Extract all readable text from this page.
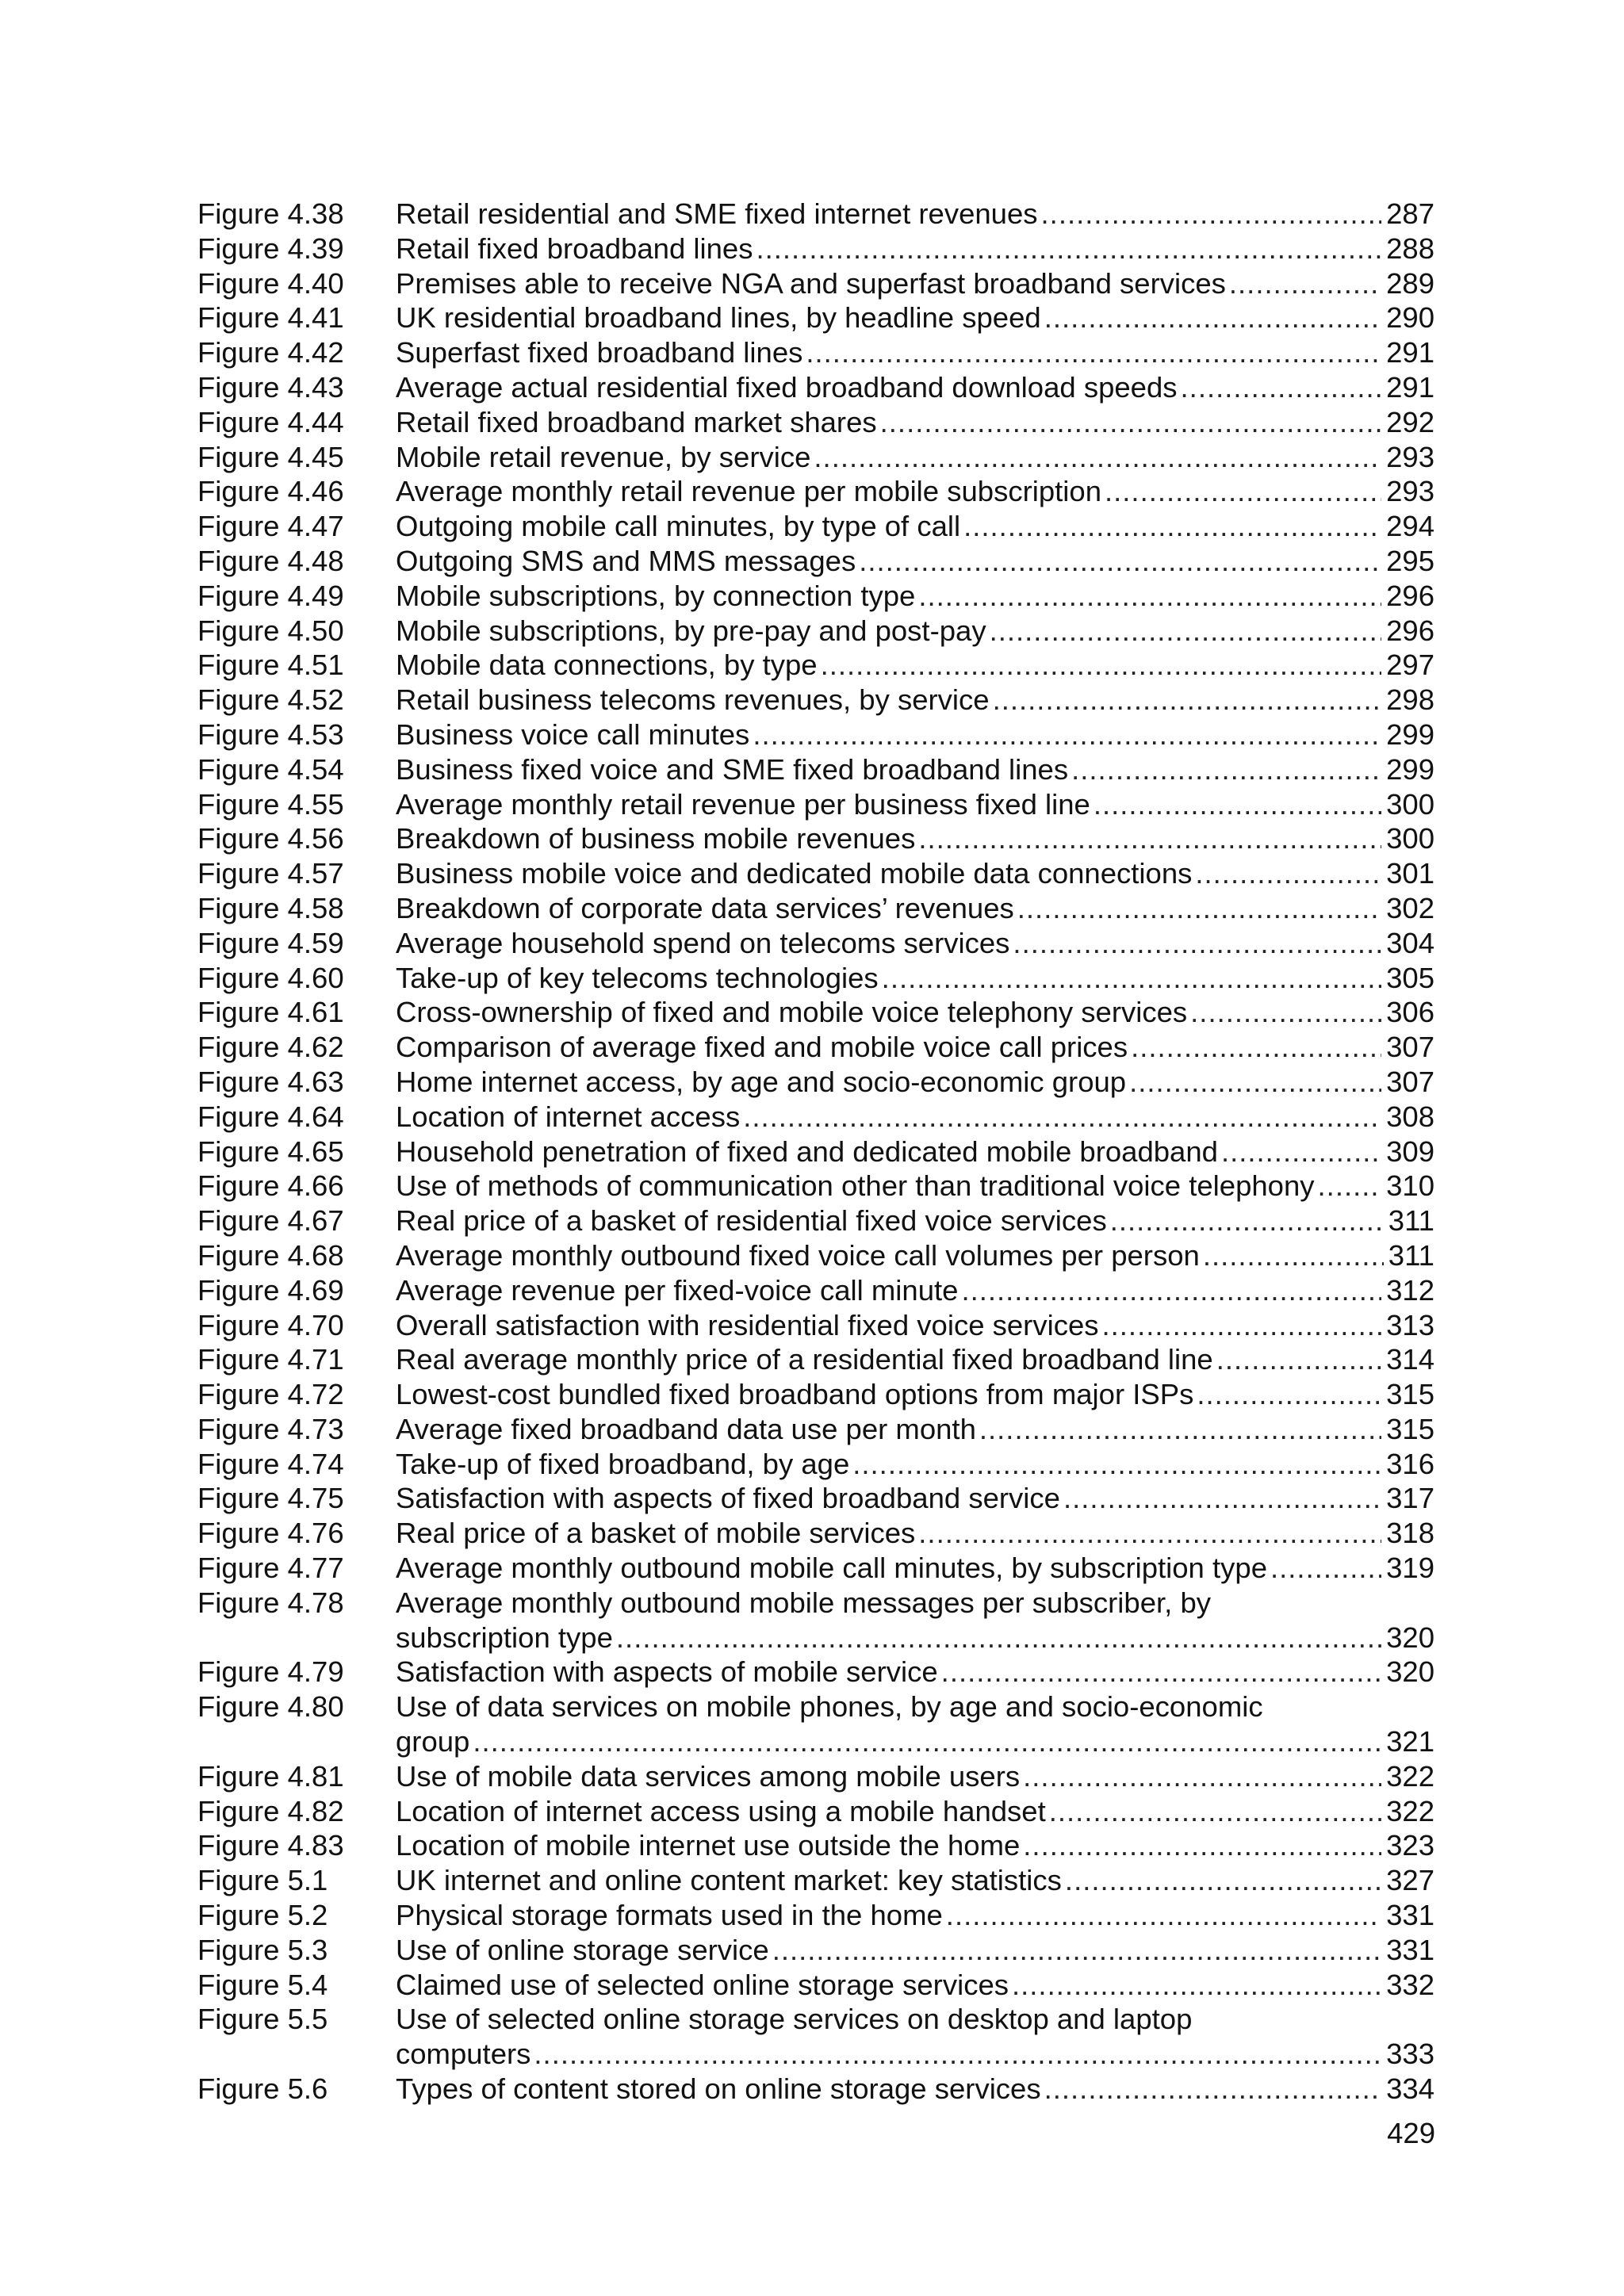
Figure 4.38	Retail residential and SME fixed internet revenues .....	287
Figure 4.39	Retail fixed broadband lines .....	288
Figure 4.40	Premises able to receive NGA and superfast broadband services .....	289
Figure 4.41	UK residential broadband lines, by headline speed .....	290
Figure 4.42	Superfast fixed broadband lines .....	291
Figure 4.43	Average actual residential fixed broadband download speeds .....	291
Figure 4.44	Retail fixed broadband market shares .....	292
Figure 4.45	Mobile retail revenue, by service .....	293
Figure 4.46	Average monthly retail revenue per mobile subscription .....	293
Figure 4.47	Outgoing mobile call minutes, by type of call .....	294
Figure 4.48	Outgoing SMS and MMS messages .....	295
Figure 4.49	Mobile subscriptions, by connection type .....	296
Figure 4.50	Mobile subscriptions, by pre-pay and post-pay .....	296
Figure 4.51	Mobile data connections, by type .....	297
Figure 4.52	Retail business telecoms revenues, by service .....	298
Figure 4.53	Business voice call minutes .....	299
Figure 4.54	Business fixed voice and SME fixed broadband lines .....	299
Figure 4.55	Average monthly retail revenue per business fixed line .....	300
Figure 4.56	Breakdown of business mobile revenues .....	300
Figure 4.57	Business mobile voice and dedicated mobile data connections .....	301
Figure 4.58	Breakdown of corporate data services’ revenues .....	302
Figure 4.59	Average household spend on telecoms services .....	304
Figure 4.60	Take-up of key telecoms technologies .....	305
Figure 4.61	Cross-ownership of fixed and mobile voice telephony services .....	306
Figure 4.62	Comparison of average fixed and mobile voice call prices .....	307
Figure 4.63	Home internet access, by age and socio-economic group .....	307
Figure 4.64	Location of internet access .....	308
Figure 4.65	Household penetration of fixed and dedicated mobile broadband .....	309
Figure 4.66	Use of methods of communication other than traditional voice telephony ..... 310
Figure 4.67	Real price of a basket of residential fixed voice services .....	311
Figure 4.68	Average monthly outbound fixed voice call volumes per person .....	311
Figure 4.69	Average revenue per fixed-voice call minute .....	312
Figure 4.70	Overall satisfaction with residential fixed voice services .....	313
Figure 4.71	Real average monthly price of a residential fixed broadband line .....	314
Figure 4.72	Lowest-cost bundled fixed broadband options from major ISPs .....	315
Figure 4.73	Average fixed broadband data use per month .....	315
Figure 4.74	Take-up of fixed broadband, by age .....	316
Figure 4.75	Satisfaction with aspects of fixed broadband service .....	317
Figure 4.76	Real price of a basket of mobile services .....	318
Figure 4.77	Average monthly outbound mobile call minutes, by subscription type .....	319
Figure 4.78	Average monthly outbound mobile messages per subscriber, by
subscription type .....	320
Figure 4.79	Satisfaction with aspects of mobile service .....	320
Figure 4.80	Use of data services on mobile phones, by age and socio-economic
group .....	321
Figure 4.81	Use of mobile data services among mobile users .....	322
Figure 4.82	Location of internet access using a mobile handset .....	322
Figure 4.83	Location of mobile internet use outside the home .....	323
Figure 5.1	UK internet and online content market: key statistics .....	327
Figure 5.2	Physical storage formats used in the home .....	331
Figure 5.3	Use of online storage service .....	331
Figure 5.4	Claimed use of selected online storage services .....	332
Figure 5.5	Use of selected online storage services on desktop and laptop
computers .....	333
Figure 5.6	Types of content stored on online storage services .....	334
429
